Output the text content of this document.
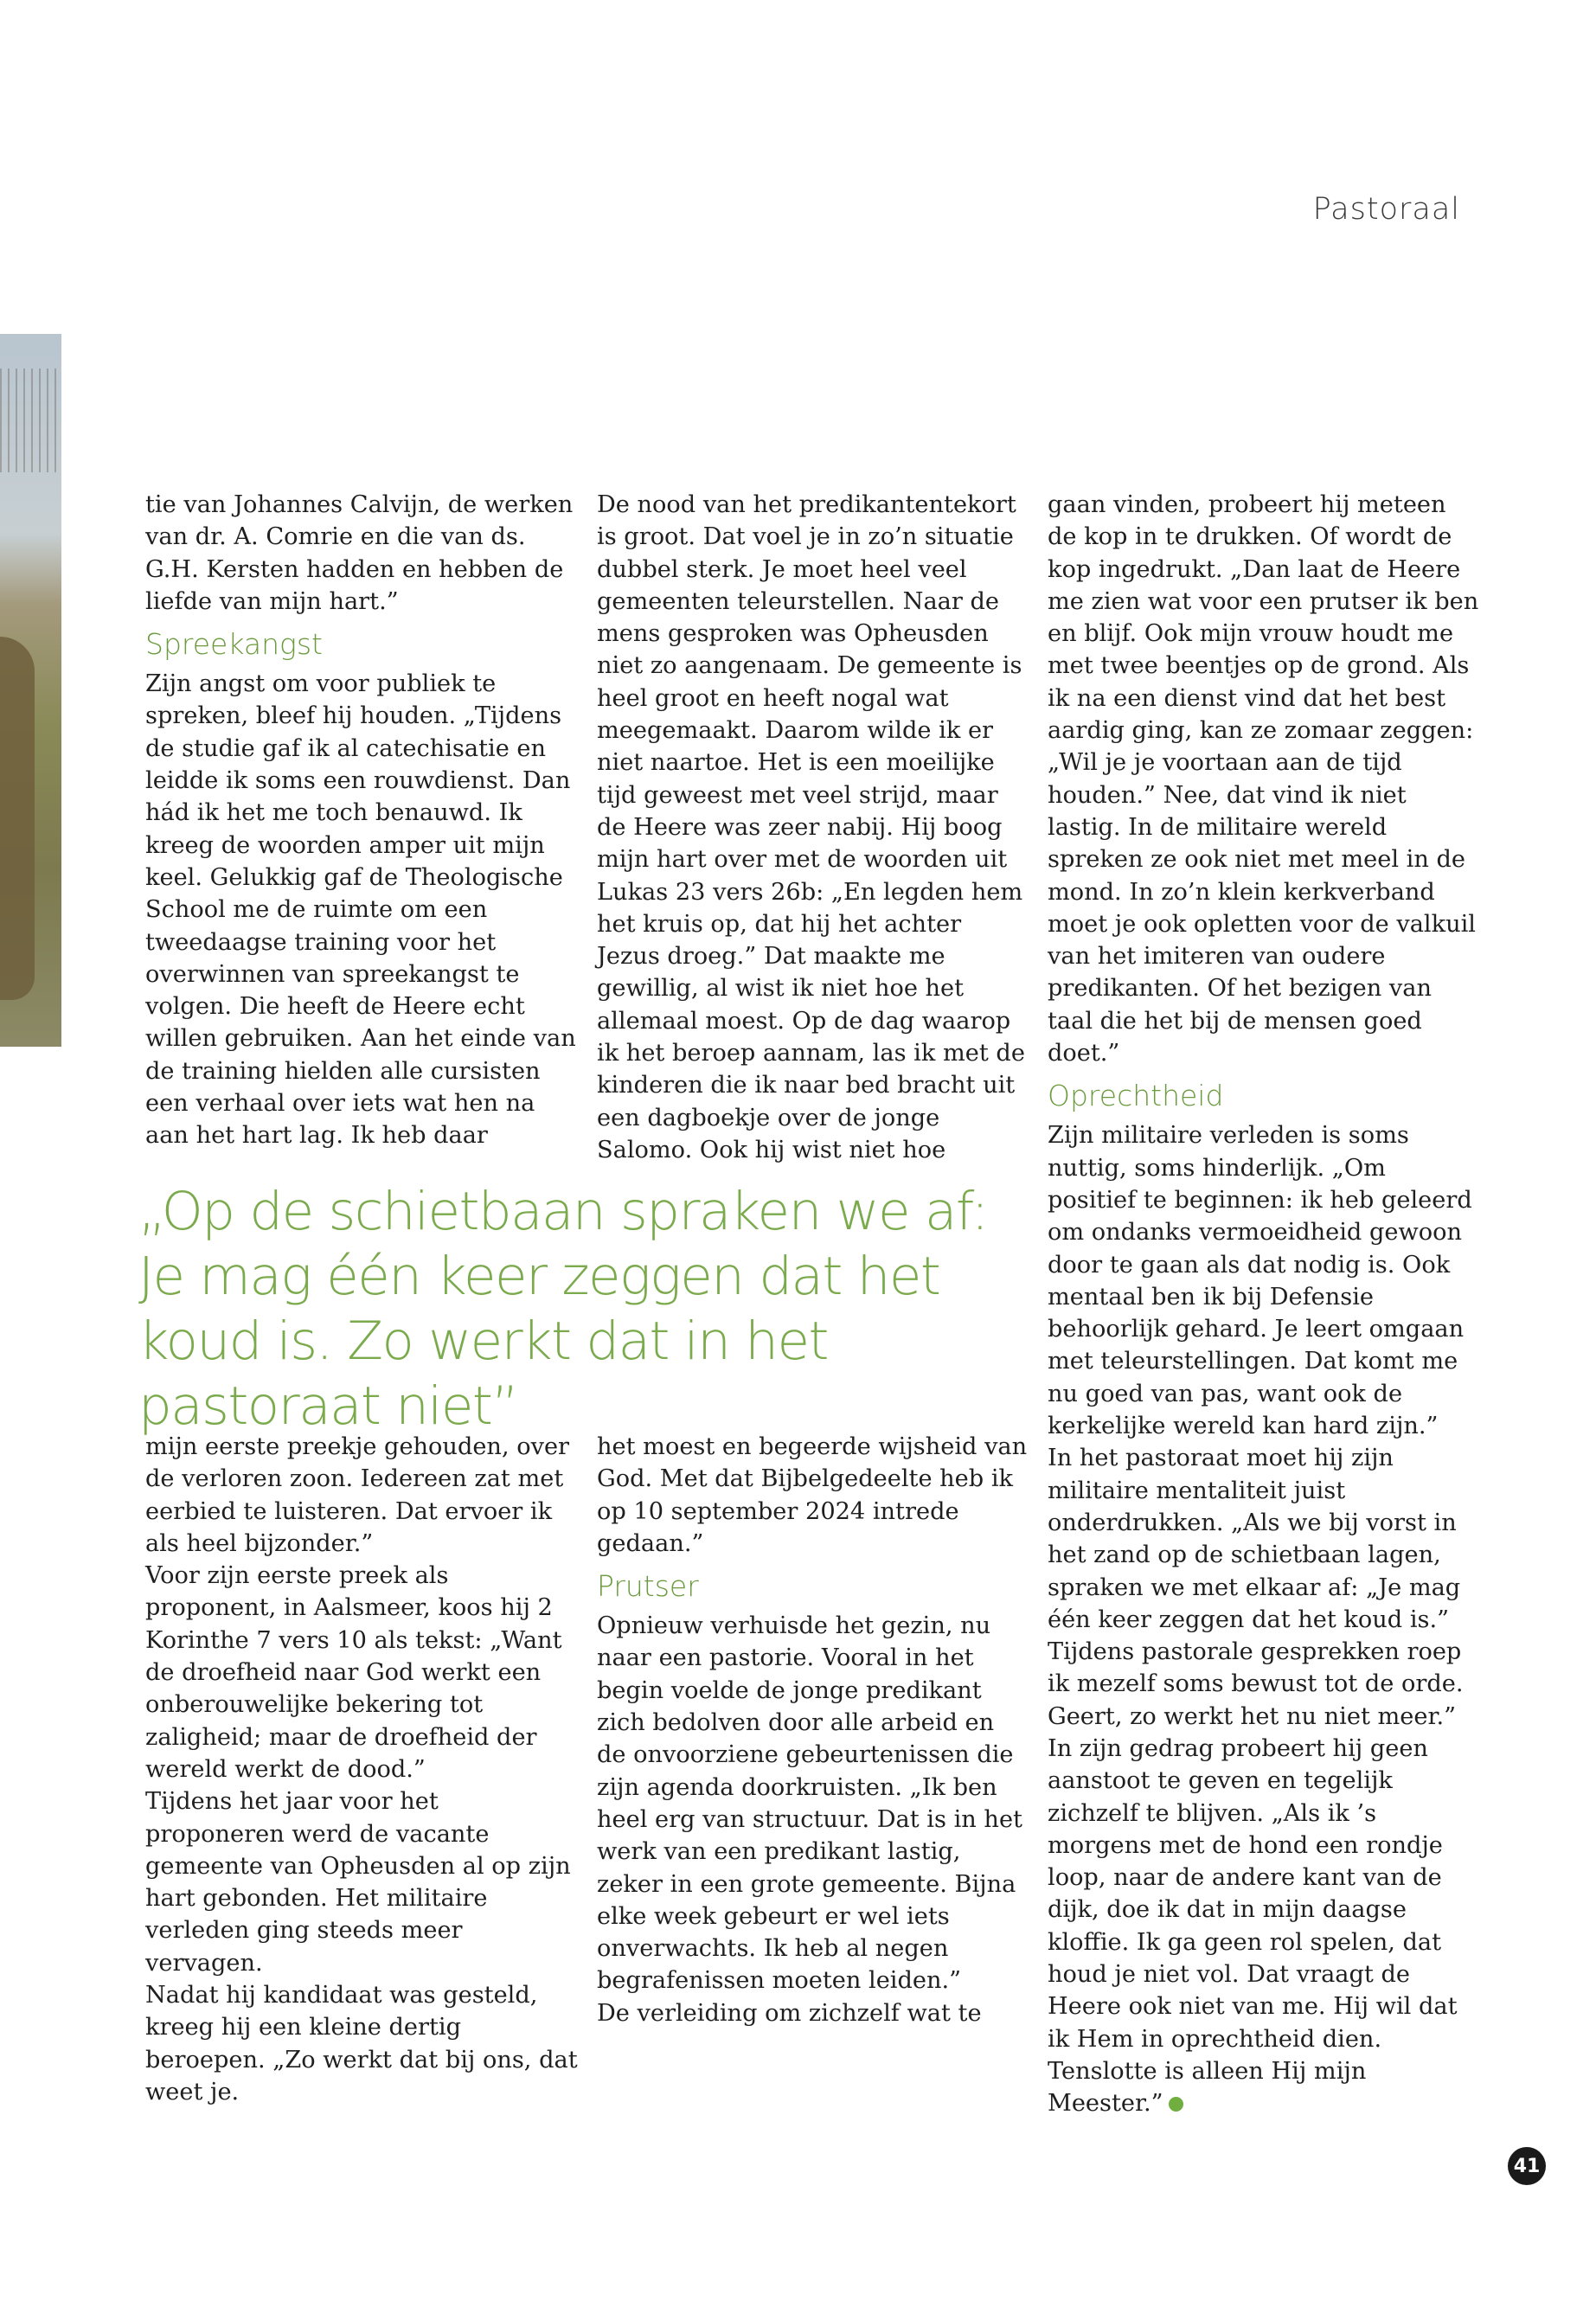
Pastoraal

tie van Johannes Calvijn, de werken van dr. A. Comrie en die van ds. G.H. Kersten hadden en hebben de liefde van mijn hart.”

Spreekangst

Zijn angst om voor publiek te spreken, bleef hij houden. „Tijdens de studie gaf ik al catechisatie en leidde ik soms een rouwdienst. Dan hád ik het me toch benauwd. Ik kreeg de woorden amper uit mijn keel. Gelukkig gaf de Theologische School me de ruimte om een tweedaagse training voor het overwinnen van spreekangst te volgen. Die heeft de Heere echt willen gebruiken. Aan het einde van de training hielden alle cursisten een verhaal over iets wat hen na aan het hart lag. Ik heb daar

De nood van het predikantentekort is groot. Dat voel je in zo’n situatie dubbel sterk. Je moet heel veel gemeenten teleurstellen. Naar de mens gesproken was Opheusden niet zo aangenaam. De gemeente is heel groot en heeft nogal wat meegemaakt. Daarom wilde ik er niet naartoe. Het is een moeilijke tijd geweest met veel strijd, maar de Heere was zeer nabij. Hij boog mijn hart over met de woorden uit Lukas 23 vers 26b: „En legden hem het kruis op, dat hij het achter Jezus droeg.” Dat maakte me gewillig, al wist ik niet hoe het allemaal moest. Op de dag waarop ik het beroep aannam, las ik met de kinderen die ik naar bed bracht uit een dagboekje over de jonge Salomo. Ook hij wist niet hoe

gaan vinden, probeert hij meteen de kop in te drukken. Of wordt de kop ingedrukt. „Dan laat de Heere me zien wat voor een prutser ik ben en blijf. Ook mijn vrouw houdt me met twee beentjes op de grond. Als ik na een dienst vind dat het best aardig ging, kan ze zomaar zeggen: „Wil je je voortaan aan de tijd houden.” Nee, dat vind ik niet lastig. In de militaire wereld spreken ze ook niet met meel in de mond. In zo’n klein kerkverband moet je ook opletten voor de valkuil van het imiteren van oudere predikanten. Of het bezigen van taal die het bij de mensen goed doet.”

Oprechtheid

Zijn militaire verleden is soms nuttig, soms hinderlijk. „Om positief te beginnen: ik heb geleerd om ondanks vermoeidheid gewoon door te gaan als dat nodig is. Ook mentaal ben ik bij Defensie behoorlijk gehard. Je leert omgaan met teleurstellingen. Dat komt me nu goed van pas, want ook de kerkelijke wereld kan hard zijn.”

In het pastoraat moet hij zijn militaire mentaliteit juist onderdrukken. „Als we bij vorst in het zand op de schietbaan lagen, spraken we met elkaar af: „Je mag één keer zeggen dat het koud is.” Tijdens pastorale gesprekken roep ik mezelf soms bewust tot de orde. Geert, zo werkt het nu niet meer.”

In zijn gedrag probeert hij geen aanstoot te geven en tegelijk zichzelf te blijven. „Als ik ’s morgens met de hond een rondje loop, naar de andere kant van de dijk, doe ik dat in mijn daagse kloffie. Ik ga geen rol spelen, dat houd je niet vol. Dat vraagt de Heere ook niet van me. Hij wil dat ik Hem in oprechtheid dien. Tenslotte is alleen Hij mijn Meester.”

„Op de schietbaan spraken we af: Je mag één keer zeggen dat het koud is. Zo werkt dat in het pastoraat niet”

mijn eerste preekje gehouden, over de verloren zoon. Iedereen zat met eerbied te luisteren. Dat ervoer ik als heel bijzonder.”

Voor zijn eerste preek als proponent, in Aalsmeer, koos hij 2 Korinthe 7 vers 10 als tekst: „Want de droefheid naar God werkt een onberouwelijke bekering tot zaligheid; maar de droefheid der wereld werkt de dood.”

Tijdens het jaar voor het proponeren werd de vacante gemeente van Opheusden al op zijn hart gebonden. Het militaire verleden ging steeds meer vervagen.

Nadat hij kandidaat was gesteld, kreeg hij een kleine dertig beroepen. „Zo werkt dat bij ons, dat weet je.

het moest en begeerde wijsheid van God. Met dat Bijbelgedeelte heb ik op 10 september 2024 intrede gedaan.”

Prutser

Opnieuw verhuisde het gezin, nu naar een pastorie. Vooral in het begin voelde de jonge predikant zich bedolven door alle arbeid en de onvoorziene gebeurtenissen die zijn agenda doorkruisten. „Ik ben heel erg van structuur. Dat is in het werk van een predikant lastig, zeker in een grote gemeente. Bijna elke week gebeurt er wel iets onverwachts. Ik heb al negen begrafenissen moeten leiden.”

De verleiding om zichzelf wat te

41
